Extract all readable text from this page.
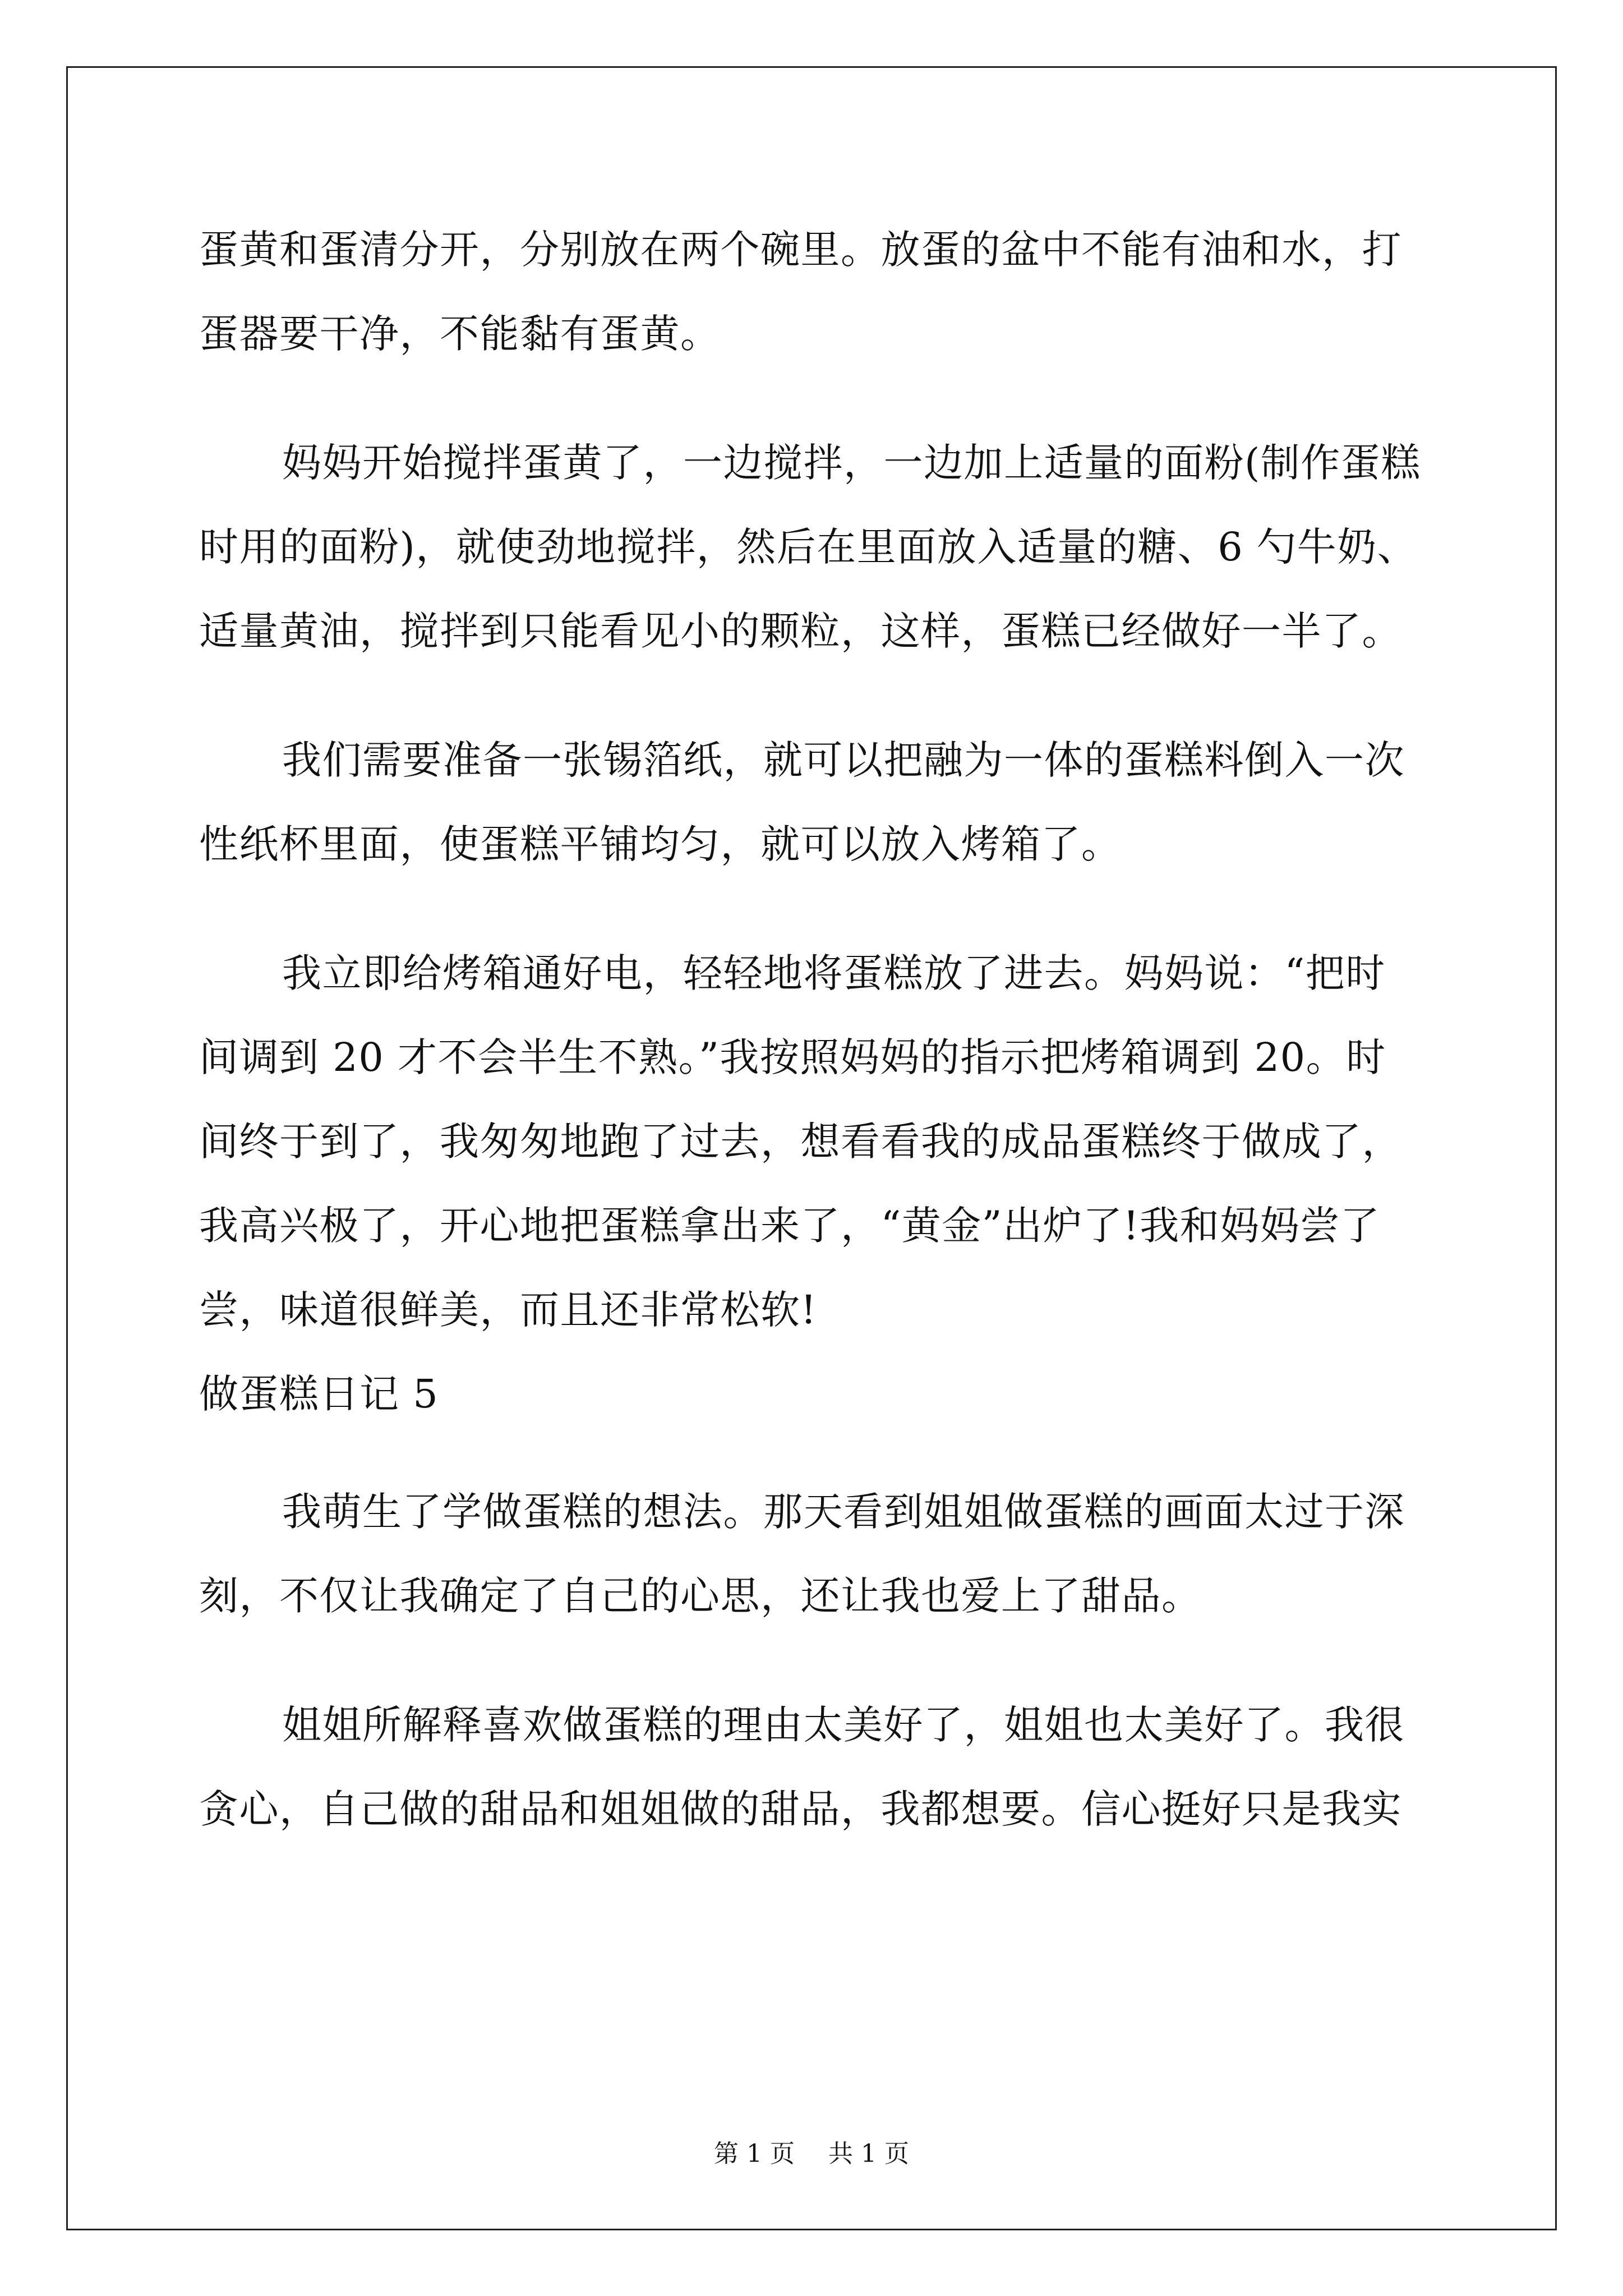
蛋黄和蛋清分开，分别放在两个碗里。放蛋的盆中不能有油和水，打
蛋器要干净，不能黏有蛋黄。
妈妈开始搅拌蛋黄了，一边搅拌，一边加上适量的面粉(制作蛋糕
时用的面粉)，就使劲地搅拌，然后在里面放入适量的糖、6 勺牛奶、
适量黄油，搅拌到只能看见小的颗粒，这样，蛋糕已经做好一半了。
我们需要准备一张锡箔纸，就可以把融为一体的蛋糕料倒入一次
性纸杯里面，使蛋糕平铺均匀，就可以放入烤箱了。
我立即给烤箱通好电，轻轻地将蛋糕放了进去。妈妈说：“把时
间调到 20 才不会半生不熟。”我按照妈妈的指示把烤箱调到 20。时
间终于到了，我匆匆地跑了过去，想看看我的成品蛋糕终于做成了，
我高兴极了，开心地把蛋糕拿出来了，“黄金”出炉了!我和妈妈尝了
尝，味道很鲜美，而且还非常松软!
做蛋糕日记 5
我萌生了学做蛋糕的想法。那天看到姐姐做蛋糕的画面太过于深
刻，不仅让我确定了自己的心思，还让我也爱上了甜品。
姐姐所解释喜欢做蛋糕的理由太美好了，姐姐也太美好了。我很
贪心，自己做的甜品和姐姐做的甜品，我都想要。信心挺好只是我实
第 1 页 共 1 页
